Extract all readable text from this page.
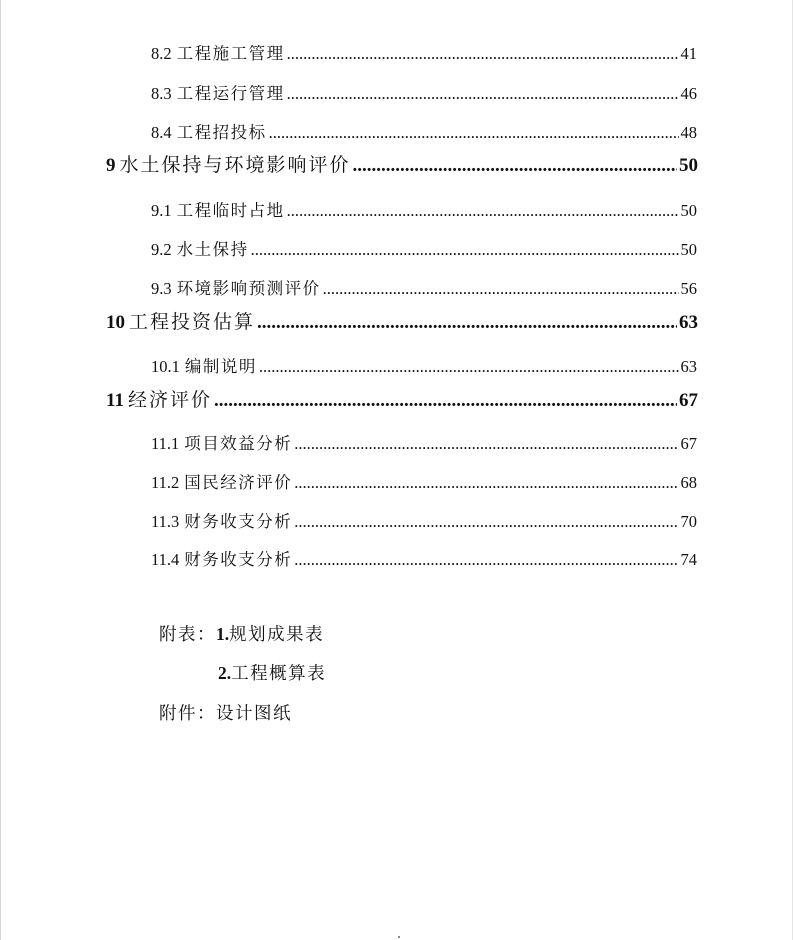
8.2 工程施工管理 .....	41
8.3 工程运行管理 .....	46
8.4 工程招投标 .....	48
9 水土保持与环境影响评价 .....	50
9.1 工程临时占地 .....	50
9.2 水土保持 .....	50
9.3 环境影响预测评价 .....	56
10 工程投资估算 .....	63
10.1 编制说明 .....	63
11 经济评价 .....	67
11.1 项目效益分析 .....	67
11.2 国民经济评价 .....	68
11.3 财务收支分析 .....	70
11.4 财务收支分析 .....	74
附表：1.规划成果表
2.工程概算表
附件：设计图纸
